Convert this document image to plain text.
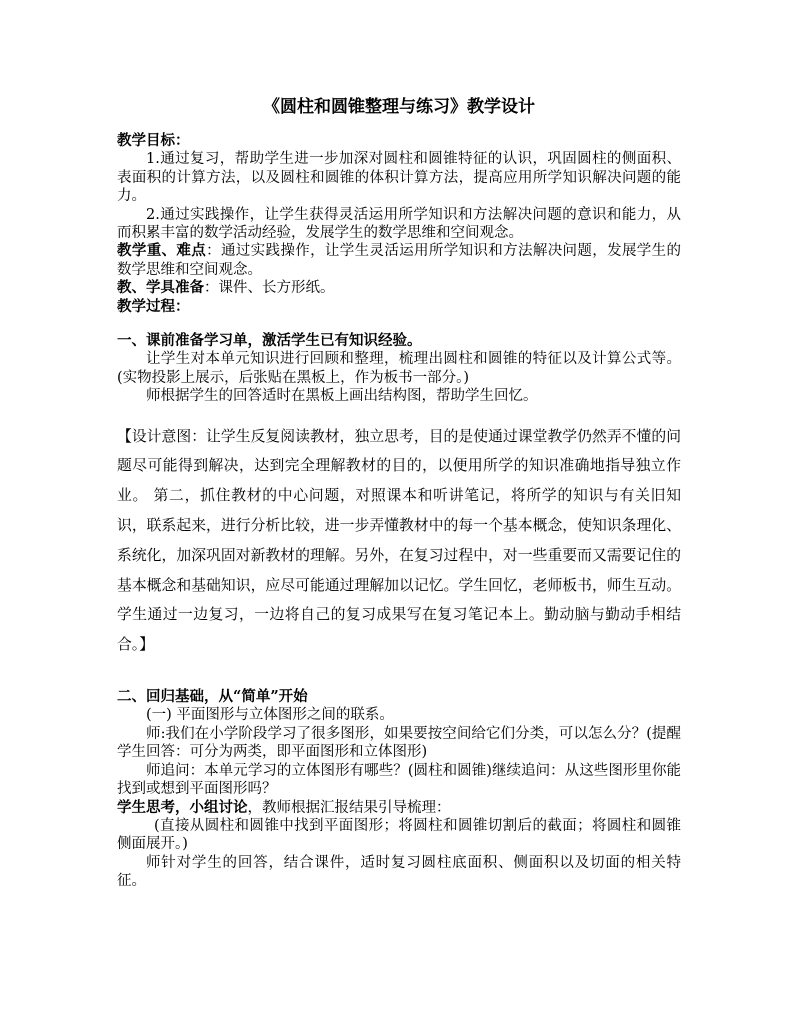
《圆柱和圆锥整理与练习》教学设计

教学目标：

1.通过复习，帮助学生进一步加深对圆柱和圆锥特征的认识，巩固圆柱的侧面积、表面积的计算方法，以及圆柱和圆锥的体积计算方法，提高应用所学知识解决问题的能力。

2.通过实践操作，让学生获得灵活运用所学知识和方法解决问题的意识和能力，从而积累丰富的数学活动经验，发展学生的数学思维和空间观念。

教学重、难点：通过实践操作，让学生灵活运用所学知识和方法解决问题，发展学生的数学思维和空间观念。

教、学具准备：课件、长方形纸。

教学过程：

一、课前准备学习单，激活学生已有知识经验。

让学生对本单元知识进行回顾和整理，梳理出圆柱和圆锥的特征以及计算公式等。(实物投影上展示，后张贴在黑板上，作为板书一部分。)

师根据学生的回答适时在黑板上画出结构图，帮助学生回忆。

【设计意图：让学生反复阅读教材，独立思考，目的是使通过课堂教学仍然弄不懂的问题尽可能得到解决，达到完全理解教材的目的，以便用所学的知识准确地指导独立作业。 第二，抓住教材的中心问题，对照课本和听讲笔记，将所学的知识与有关旧知识，联系起来，进行分析比较，进一步弄懂教材中的每一个基本概念，使知识条理化、系统化，加深巩固对新教材的理解。另外，在复习过程中，对一些重要而又需要记住的基本概念和基础知识，应尽可能通过理解加以记忆。学生回忆，老师板书，师生互动。学生通过一边复习，一边将自己的复习成果写在复习笔记本上。勤动脑与勤动手相结合。】

二、回归基础，从“简单”开始

(一) 平面图形与立体图形之间的联系。

师:我们在小学阶段学习了很多图形，如果要按空间给它们分类，可以怎么分？(提醒学生回答：可分为两类，即平面图形和立体图形)

师追问：本单元学习的立体图形有哪些？(圆柱和圆锥)继续追问：从这些图形里你能找到或想到平面图形吗？

学生思考，小组讨论，教师根据汇报结果引导梳理：

(直接从圆柱和圆锥中找到平面图形；将圆柱和圆锥切割后的截面；将圆柱和圆锥侧面展开。)

师针对学生的回答，结合课件，适时复习圆柱底面积、侧面积以及切面的相关特征。
